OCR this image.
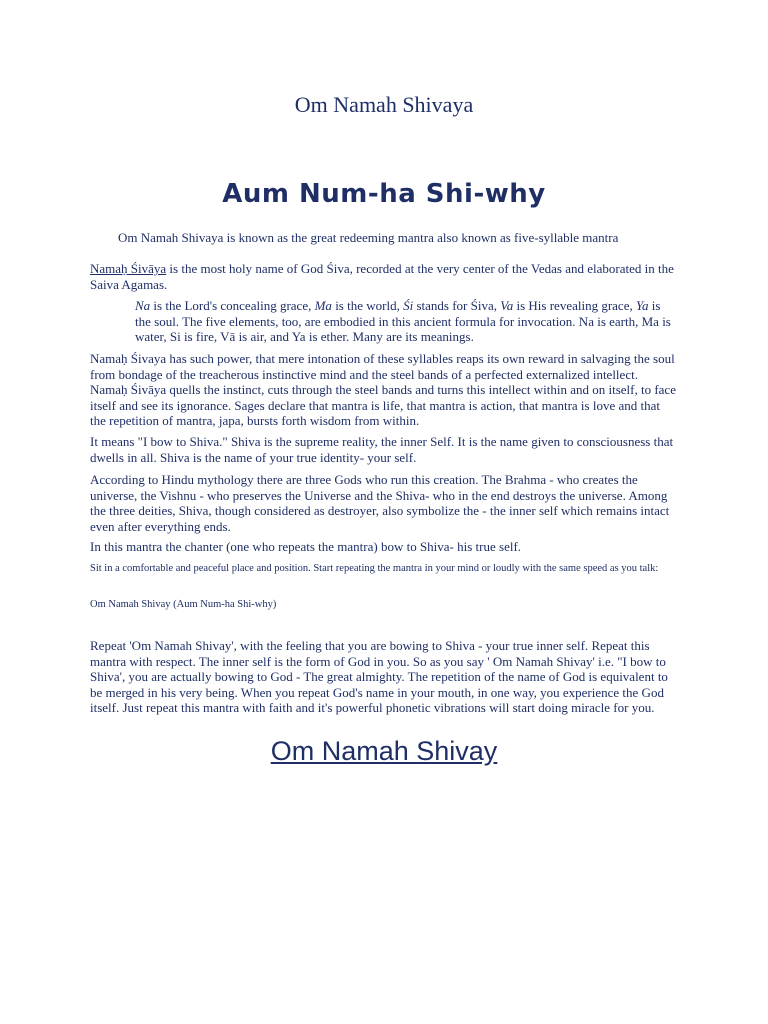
Om Namah Shivaya
Aum Num-ha Shi-why
Om Namah Shivaya is known as the great redeeming mantra also known as five-syllable mantra
Namaḥ Śivāya is the most holy name of God Śiva, recorded at the very center of the Vedas and elaborated in the Saiva Agamas.
Na is the Lord's concealing grace, Ma is the world, Śi stands for Śiva, Va is His revealing grace, Ya is the soul. The five elements, too, are embodied in this ancient formula for invocation. Na is earth, Ma is water, Si is fire, Vā is air, and Ya is ether. Many are its meanings.
Namaḥ Śivaya has such power, that mere intonation of these syllables reaps its own reward in salvaging the soul from bondage of the treacherous instinctive mind and the steel bands of a perfected externalized intellect. Namaḥ Śivāya quells the instinct, cuts through the steel bands and turns this intellect within and on itself, to face itself and see its ignorance. Sages declare that mantra is life, that mantra is action, that mantra is love and that the repetition of mantra, japa, bursts forth wisdom from within.
It means "I bow to Shiva." Shiva is the supreme reality, the inner Self. It is the name given to consciousness that dwells in all. Shiva is the name of your true identity- your self.
According to Hindu mythology there are three Gods who run this creation. The Brahma - who creates the universe, the Vishnu - who preserves the Universe and the Shiva- who in the end destroys the universe. Among the three deities, Shiva, though considered as destroyer, also symbolize the - the inner self which remains intact even after everything ends.
In this mantra the chanter (one who repeats the mantra) bow to Shiva- his true self.
Sit in a comfortable and peaceful place and position. Start repeating the mantra in your mind or loudly with the same speed as you talk:
Om Namah Shivay (Aum Num-ha Shi-why)
Repeat 'Om Namah Shivay', with the feeling that you are bowing to Shiva - your true inner self. Repeat this mantra with respect. The inner self is the form of God in you. So as you say ' Om Namah Shivay' i.e. "I bow to Shiva', you are actually bowing to God - The great almighty. The repetition of the name of God is equivalent to be merged in his very being. When you repeat God's name in your mouth, in one way, you experience the God itself. Just repeat this mantra with faith and it's powerful phonetic vibrations will start doing miracle for you.
Om Namah Shivay
